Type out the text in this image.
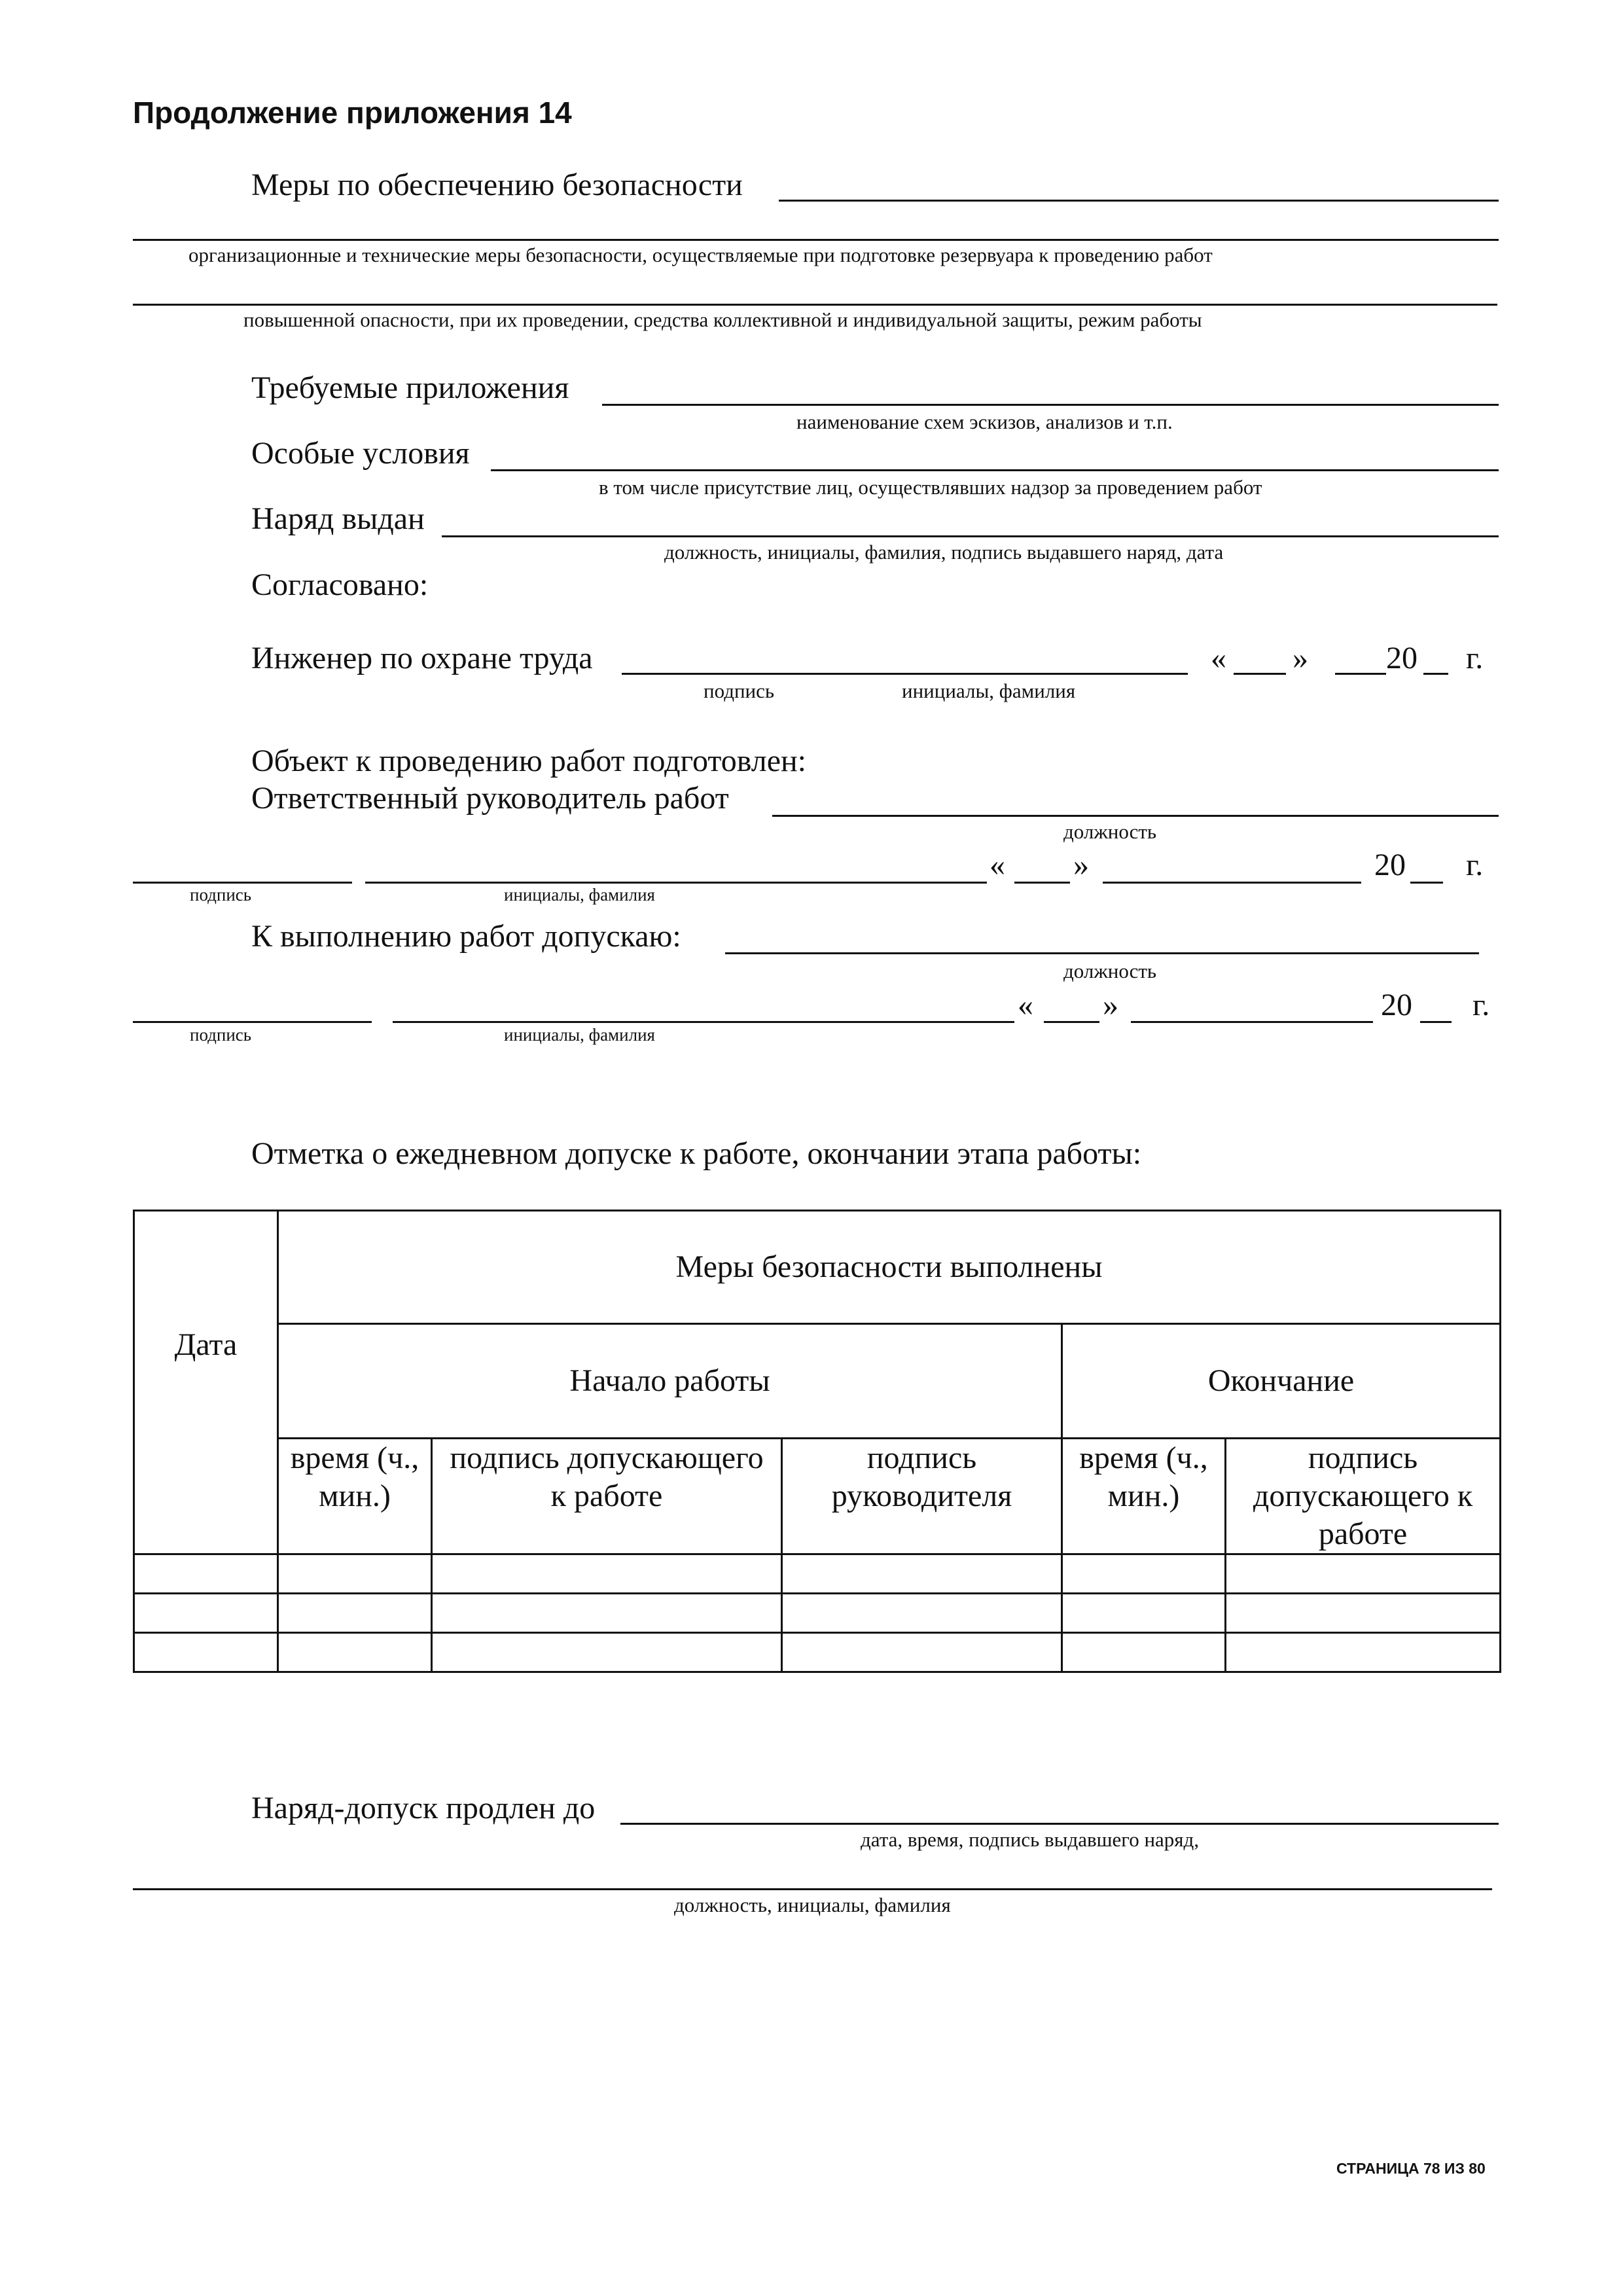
Продолжение приложения 14
Меры по обеспечению безопасности
организационные и технические меры безопасности, осуществляемые при подготовке резервуара к проведению работ
повышенной опасности, при их проведении, средства коллективной и индивидуальной защиты, режим работы
Требуемые приложения
наименование схем эскизов, анализов и т.п.
Особые условия
в том числе присутствие лиц, осуществлявших надзор за проведением работ
Наряд выдан
должность, инициалы, фамилия, подпись выдавшего наряд, дата
Согласовано:
Инженер по охране труда	« » 20 г.
подпись	инициалы, фамилия
Объект к проведению работ подготовлен:
Ответственный руководитель работ
должность
« »	20 г.
подпись	инициалы, фамилия
К выполнению работ допускаю:
должность
« »	20 г.
подпись	инициалы, фамилия
Отметка о ежедневном допуске к работе, окончании этапа работы:
Дата	Меры безопасности выполнены				
	Начало работы			Окончание	
	время (ч., мин.)	подпись допускающего к работе	подпись руководителя	время (ч., мин.)	подпись допускающего к работе

Наряд-допуск продлен до
дата, время, подпись выдавшего наряд,
должность, инициалы, фамилия
СТРАНИЦА 78 ИЗ 80
